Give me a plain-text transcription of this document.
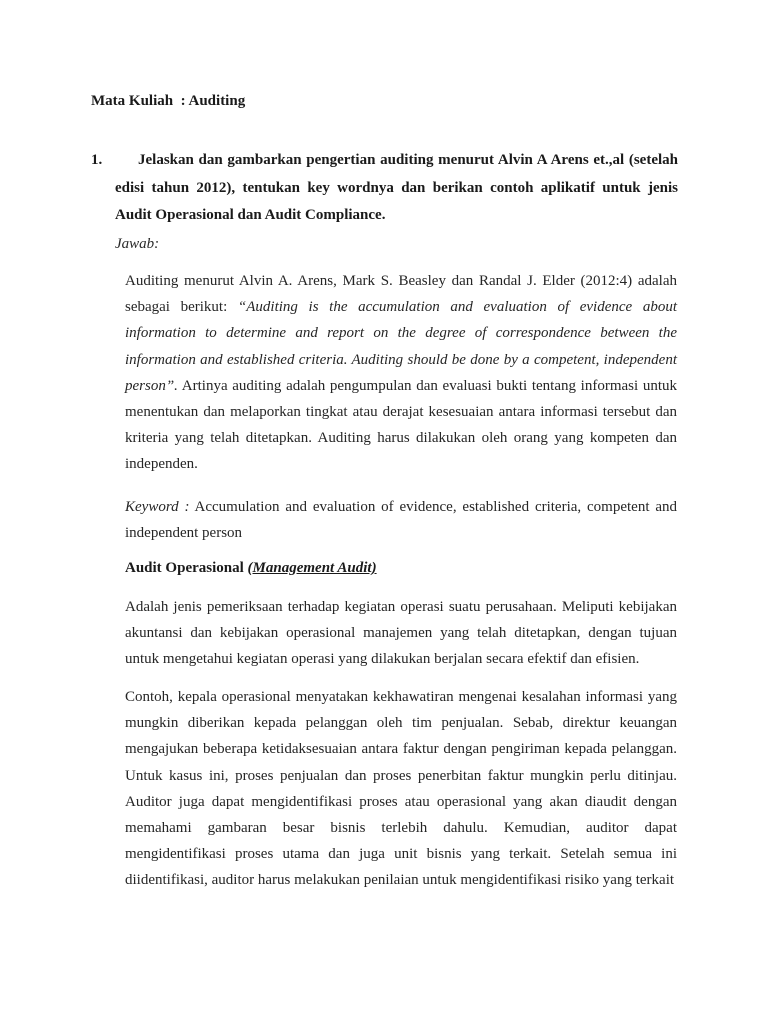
Mata Kuliah  : Auditing
1.	Jelaskan dan gambarkan pengertian auditing menurut Alvin A Arens et.,al (setelah edisi tahun 2012), tentukan key wordnya dan berikan contoh aplikatif untuk jenis Audit Operasional dan Audit Compliance.
Jawab:
Auditing menurut Alvin A. Arens, Mark S. Beasley dan Randal J. Elder (2012:4) adalah sebagai berikut: “Auditing is the accumulation and evaluation of evidence about information to determine and report on the degree of correspondence between the information and established criteria. Auditing should be done by a competent, independent person”. Artinya auditing adalah pengumpulan dan evaluasi bukti tentang informasi untuk menentukan dan melaporkan tingkat atau derajat kesesuaian antara informasi tersebut dan kriteria yang telah ditetapkan. Auditing harus dilakukan oleh orang yang kompeten dan independen.
Keyword : Accumulation and evaluation of evidence, established criteria, competent and independent person
Audit Operasional (Management Audit)
Adalah jenis pemeriksaan terhadap kegiatan operasi suatu perusahaan. Meliputi kebijakan akuntansi dan kebijakan operasional manajemen yang telah ditetapkan, dengan tujuan untuk mengetahui kegiatan operasi yang dilakukan berjalan secara efektif dan efisien.
Contoh, kepala operasional menyatakan kekhawatiran mengenai kesalahan informasi yang mungkin diberikan kepada pelanggan oleh tim penjualan. Sebab, direktur keuangan mengajukan beberapa ketidaksesuaian antara faktur dengan pengiriman kepada pelanggan. Untuk kasus ini, proses penjualan dan proses penerbitan faktur mungkin perlu ditinjau. Auditor juga dapat mengidentifikasi proses atau operasional yang akan diaudit dengan memahami gambaran besar bisnis terlebih dahulu. Kemudian, auditor dapat mengidentifikasi proses utama dan juga unit bisnis yang terkait. Setelah semua ini diidentifikasi, auditor harus melakukan penilaian untuk mengidentifikasi risiko yang terkait
